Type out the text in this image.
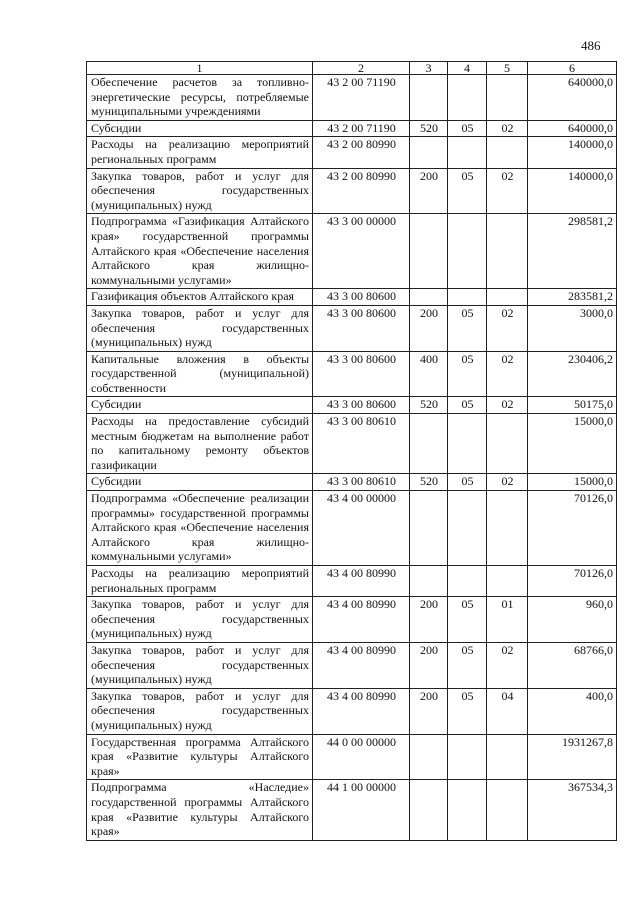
486
1	2	3	4	5	6
Обеспечение расчетов за топливно-энергетические ресурсы, потребляемые муниципальными учреждениями	43 2 00 71190				640000,0
Субсидии	43 2 00 71190	520	05	02	640000,0
Расходы на реализацию мероприятий региональных программ	43 2 00 80990				140000,0
Закупка товаров, работ и услуг для обеспечения государственных (муниципальных) нужд	43 2 00 80990	200	05	02	140000,0
Подпрограмма «Газификация Алтайского края» государственной программы Алтайского края «Обеспечение населения Алтайского края жилищно-коммунальными услугами»	43 3 00 00000				298581,2
Газификация объектов Алтайского края	43 3 00 80600				283581,2
Закупка товаров, работ и услуг для обеспечения государственных (муниципальных) нужд	43 3 00 80600	200	05	02	3000,0
Капитальные вложения в объекты государственной (муниципальной) собственности	43 3 00 80600	400	05	02	230406,2
Субсидии	43 3 00 80600	520	05	02	50175,0
Расходы на предоставление субсидий местным бюджетам на выполнение работ по капитальному ремонту объектов газификации	43 3 00 80610				15000,0
Субсидии	43 3 00 80610	520	05	02	15000,0
Подпрограмма «Обеспечение реализации программы» государственной программы Алтайского края «Обеспечение населения Алтайского края жилищно-коммунальными услугами»	43 4 00 00000				70126,0
Расходы на реализацию мероприятий региональных программ	43 4 00 80990				70126,0
Закупка товаров, работ и услуг для обеспечения государственных (муниципальных) нужд	43 4 00 80990	200	05	01	960,0
Закупка товаров, работ и услуг для обеспечения государственных (муниципальных) нужд	43 4 00 80990	200	05	02	68766,0
Закупка товаров, работ и услуг для обеспечения государственных (муниципальных) нужд	43 4 00 80990	200	05	04	400,0
Государственная программа Алтайского края «Развитие культуры Алтайского края»	44 0 00 00000				1931267,8
Подпрограмма «Наследие» государственной программы Алтайского края «Развитие культуры Алтайского края»	44 1 00 00000				367534,3
